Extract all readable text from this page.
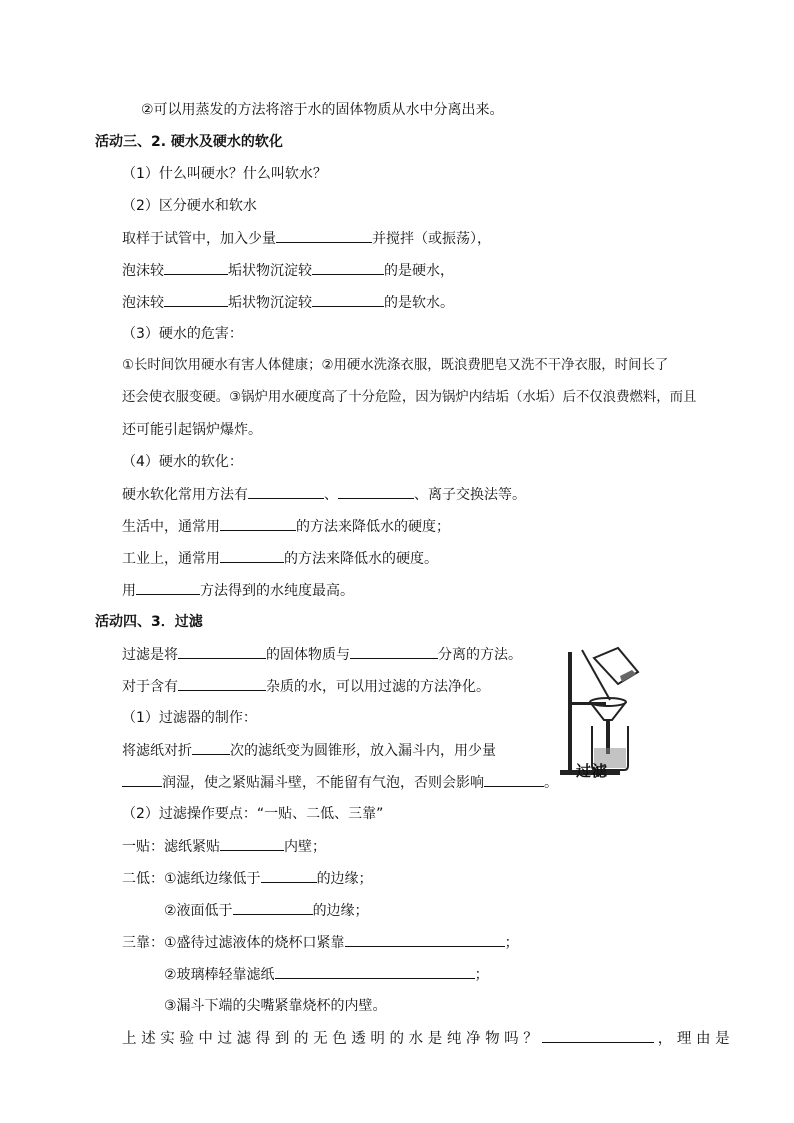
②可以用蒸发的方法将溶于水的固体物质从水中分离出来。
活动三、2. 硬水及硬水的软化
（1）什么叫硬水？什么叫软水？
（2）区分硬水和软水
取样于试管中，加入少量	并搅拌（或振荡），
泡沫较	垢状物沉淀较	的是硬水，
泡沫较	垢状物沉淀较	的是软水。
（3）硬水的危害：
①长时间饮用硬水有害人体健康；②用硬水洗涤衣服，既浪费肥皂又洗不干净衣服，时间长了
还会使衣服变硬。③锅炉用水硬度高了十分危险，因为锅炉内结垢（水垢）后不仅浪费燃料，而且
还可能引起锅炉爆炸。
（4）硬水的软化：
硬水软化常用方法有	、	、离子交换法等。
生活中，通常用	的方法来降低水的硬度；
工业上，通常用	的方法来降低水的硬度。
用	方法得到的水纯度最高。
活动四、3．过滤
过滤是将	的固体物质与	分离的方法。
对于含有	杂质的水，可以用过滤的方法净化。
（1）过滤器的制作：
将滤纸对折	次的滤纸变为圆锥形，放入漏斗内，用少量
润湿，使之紧贴漏斗壁，不能留有气泡，否则会影响	。
（2）过滤操作要点：“一贴、二低、三靠”
一贴：滤纸紧贴	内壁；
二低：①滤纸边缘低于	的边缘；
②液面低于	的边缘；
三靠：①盛待过滤液体的烧杯口紧靠	；
②玻璃棒轻靠滤纸	；
③漏斗下端的尖嘴紧靠烧杯的内壁。
上 述 实 验 中 过 滤 得 到 的 无 色 透 明 的 水 是 纯 净 物 吗 ？	， 理 由 是
过滤
